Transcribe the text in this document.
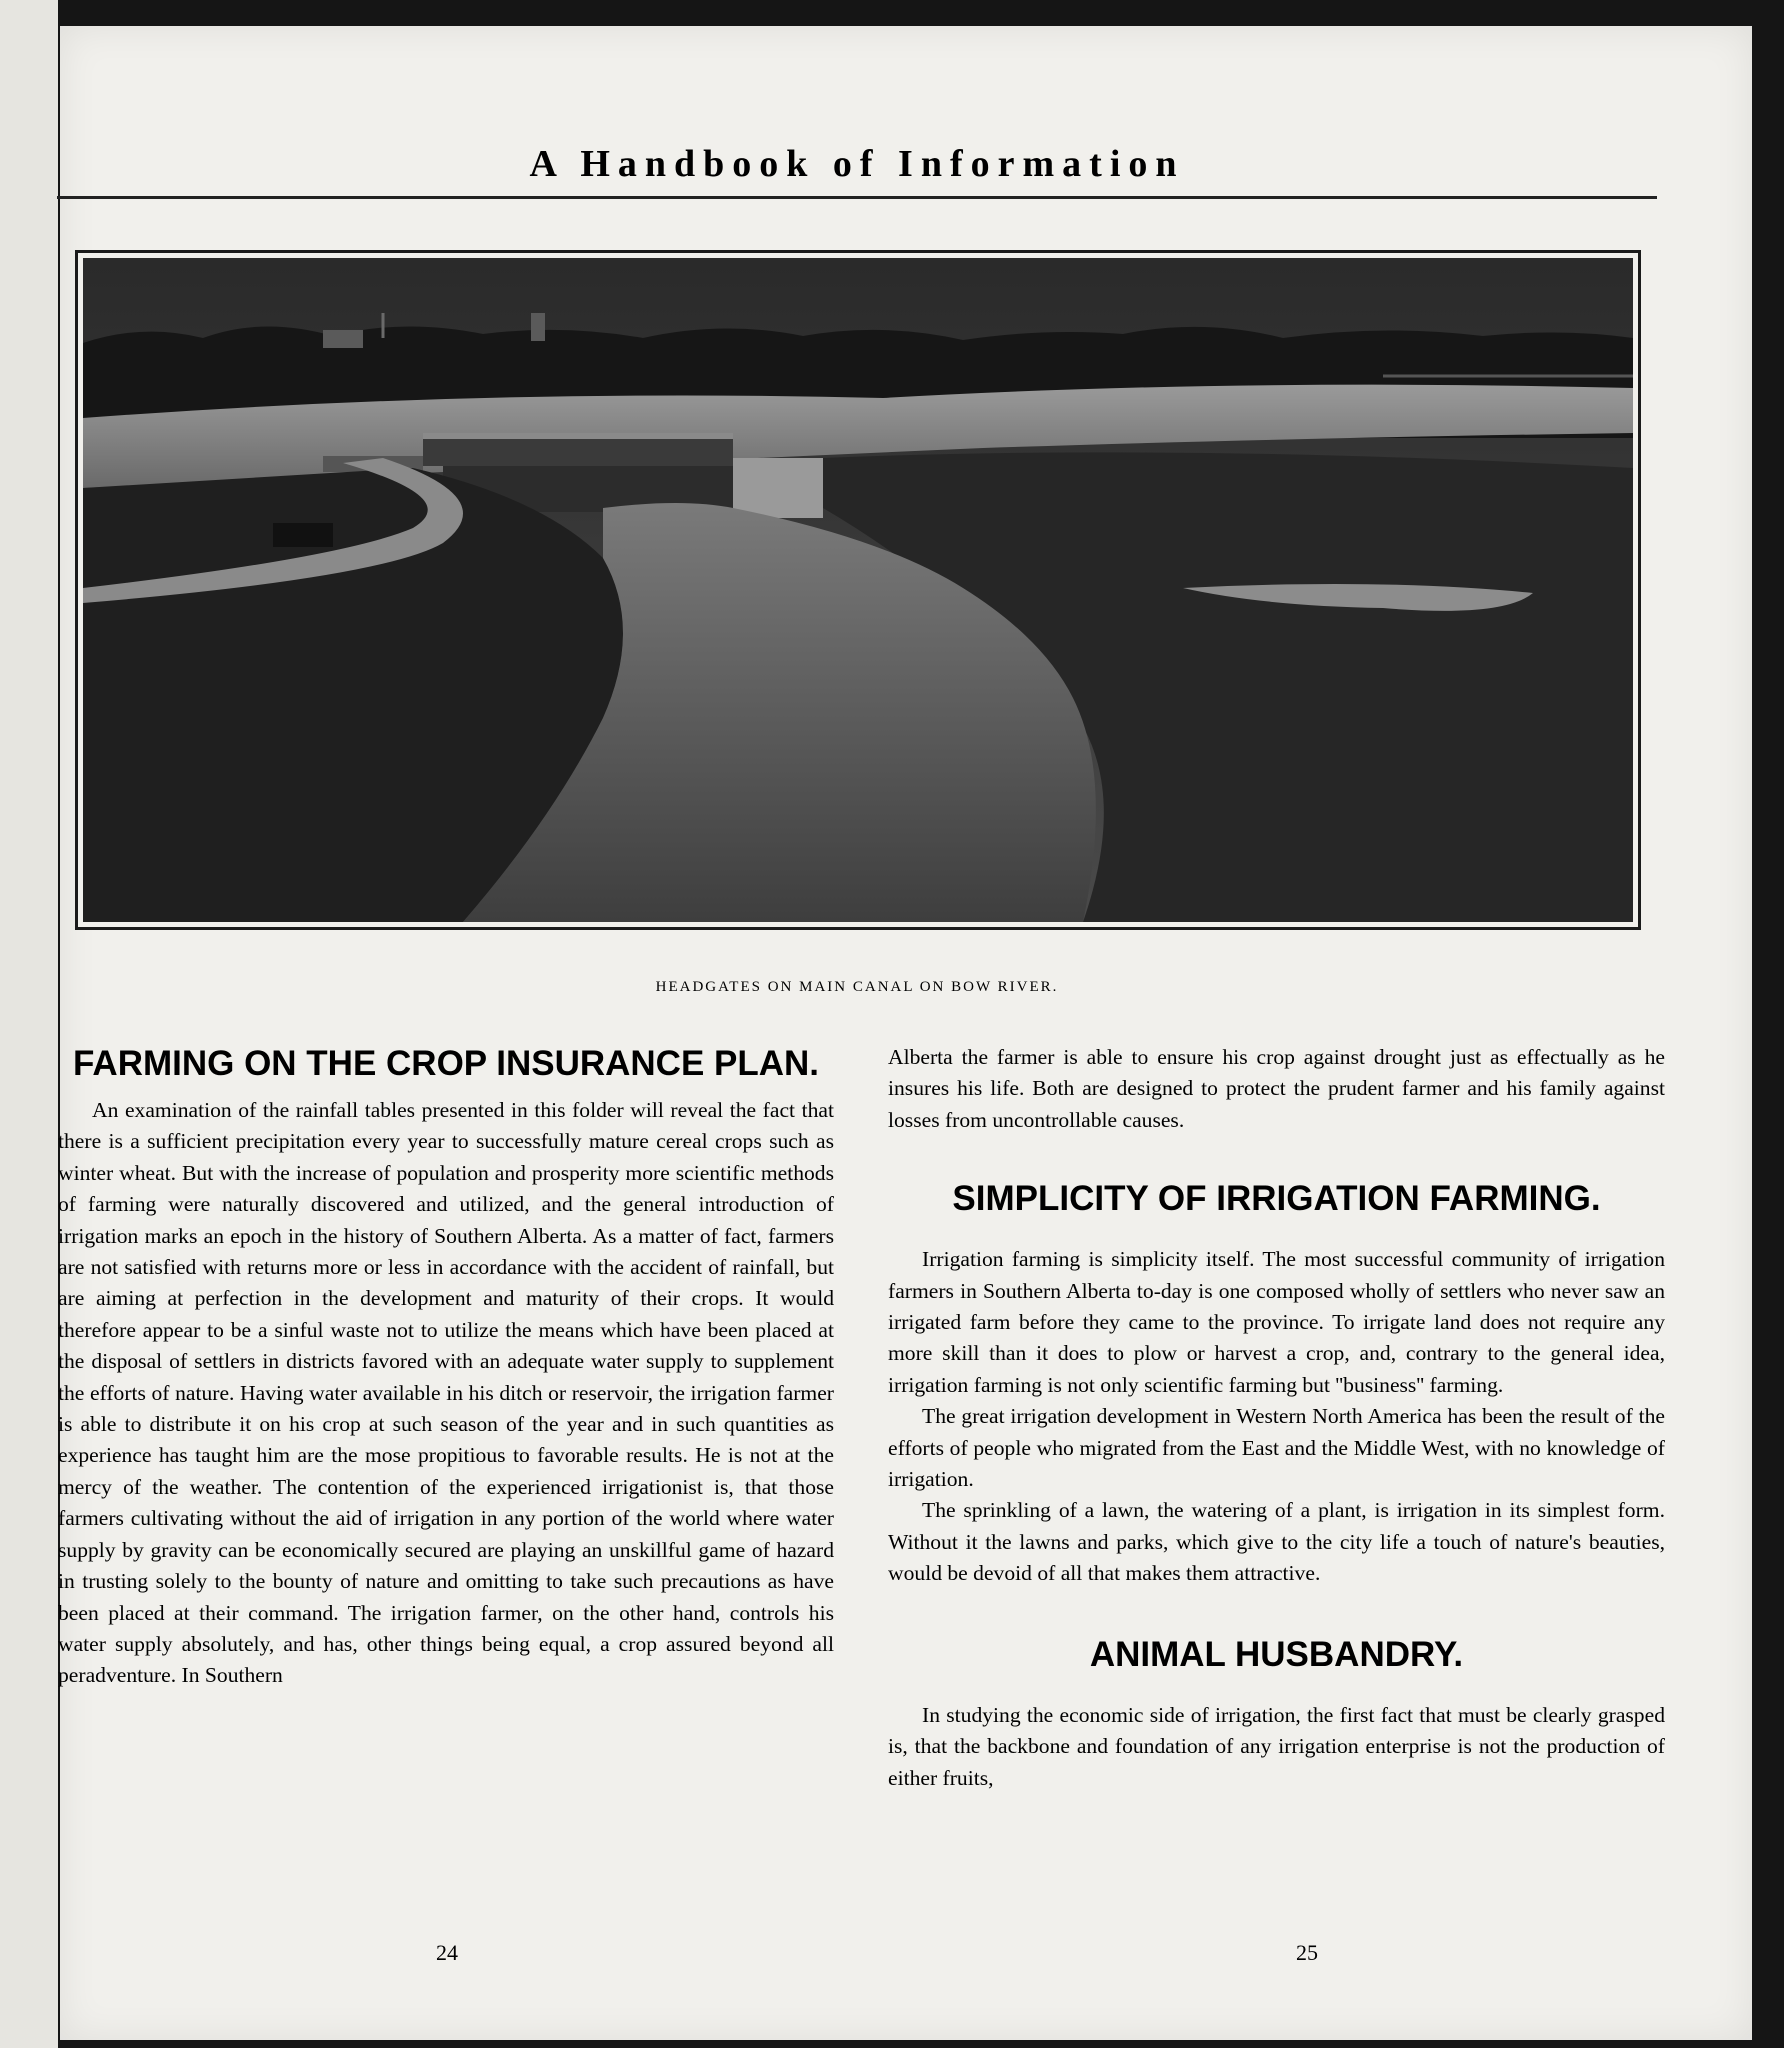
A Handbook of Information
HEADGATES ON MAIN CANAL ON BOW RIVER.
FARMING ON THE CROP INSURANCE PLAN.

An examination of the rainfall tables presented in this folder will reveal the fact that there is a sufficient precipitation every year to successfully mature cereal crops such as winter wheat. But with the increase of population and prosperity more scientific methods of farming were naturally discovered and utilized, and the general introduction of irrigation marks an epoch in the history of Southern Alberta. As a matter of fact, farmers are not satisfied with returns more or less in accordance with the accident of rainfall, but are aiming at perfection in the development and maturity of their crops. It would therefore appear to be a sinful waste not to utilize the means which have been placed at the disposal of settlers in districts favored with an adequate water supply to supplement the efforts of nature. Having water available in his ditch or reservoir, the irrigation farmer is able to distribute it on his crop at such season of the year and in such quantities as experience has taught him are the mose propitious to favorable results. He is not at the mercy of the weather. The contention of the experienced irrigationist is, that those farmers cultivating without the aid of irrigation in any portion of the world where water supply by gravity can be economically secured are playing an unskillful game of hazard in trusting solely to the bounty of nature and omitting to take such precautions as have been placed at their command. The irrigation farmer, on the other hand, controls his water supply absolutely, and has, other things being equal, a crop assured beyond all peradventure. In Southern

Alberta the farmer is able to ensure his crop against drought just as effectually as he insures his life. Both are designed to protect the prudent farmer and his family against losses from uncontrollable causes.

SIMPLICITY OF IRRIGATION FARMING.

Irrigation farming is simplicity itself. The most successful community of irrigation farmers in Southern Alberta to-day is one composed wholly of settlers who never saw an irrigated farm before they came to the province. To irrigate land does not require any more skill than it does to plow or harvest a crop, and, contrary to the general idea, irrigation farming is not only scientific farming but ''business'' farming.

The great irrigation development in Western North America has been the result of the efforts of people who migrated from the East and the Middle West, with no knowledge of irrigation.

The sprinkling of a lawn, the watering of a plant, is irrigation in its simplest form. Without it the lawns and parks, which give to the city life a touch of nature's beauties, would be devoid of all that makes them attractive.

ANIMAL HUSBANDRY.

In studying the economic side of irrigation, the first fact that must be clearly grasped is, that the backbone and foundation of any irrigation enterprise is not the production of either fruits,

24	25
